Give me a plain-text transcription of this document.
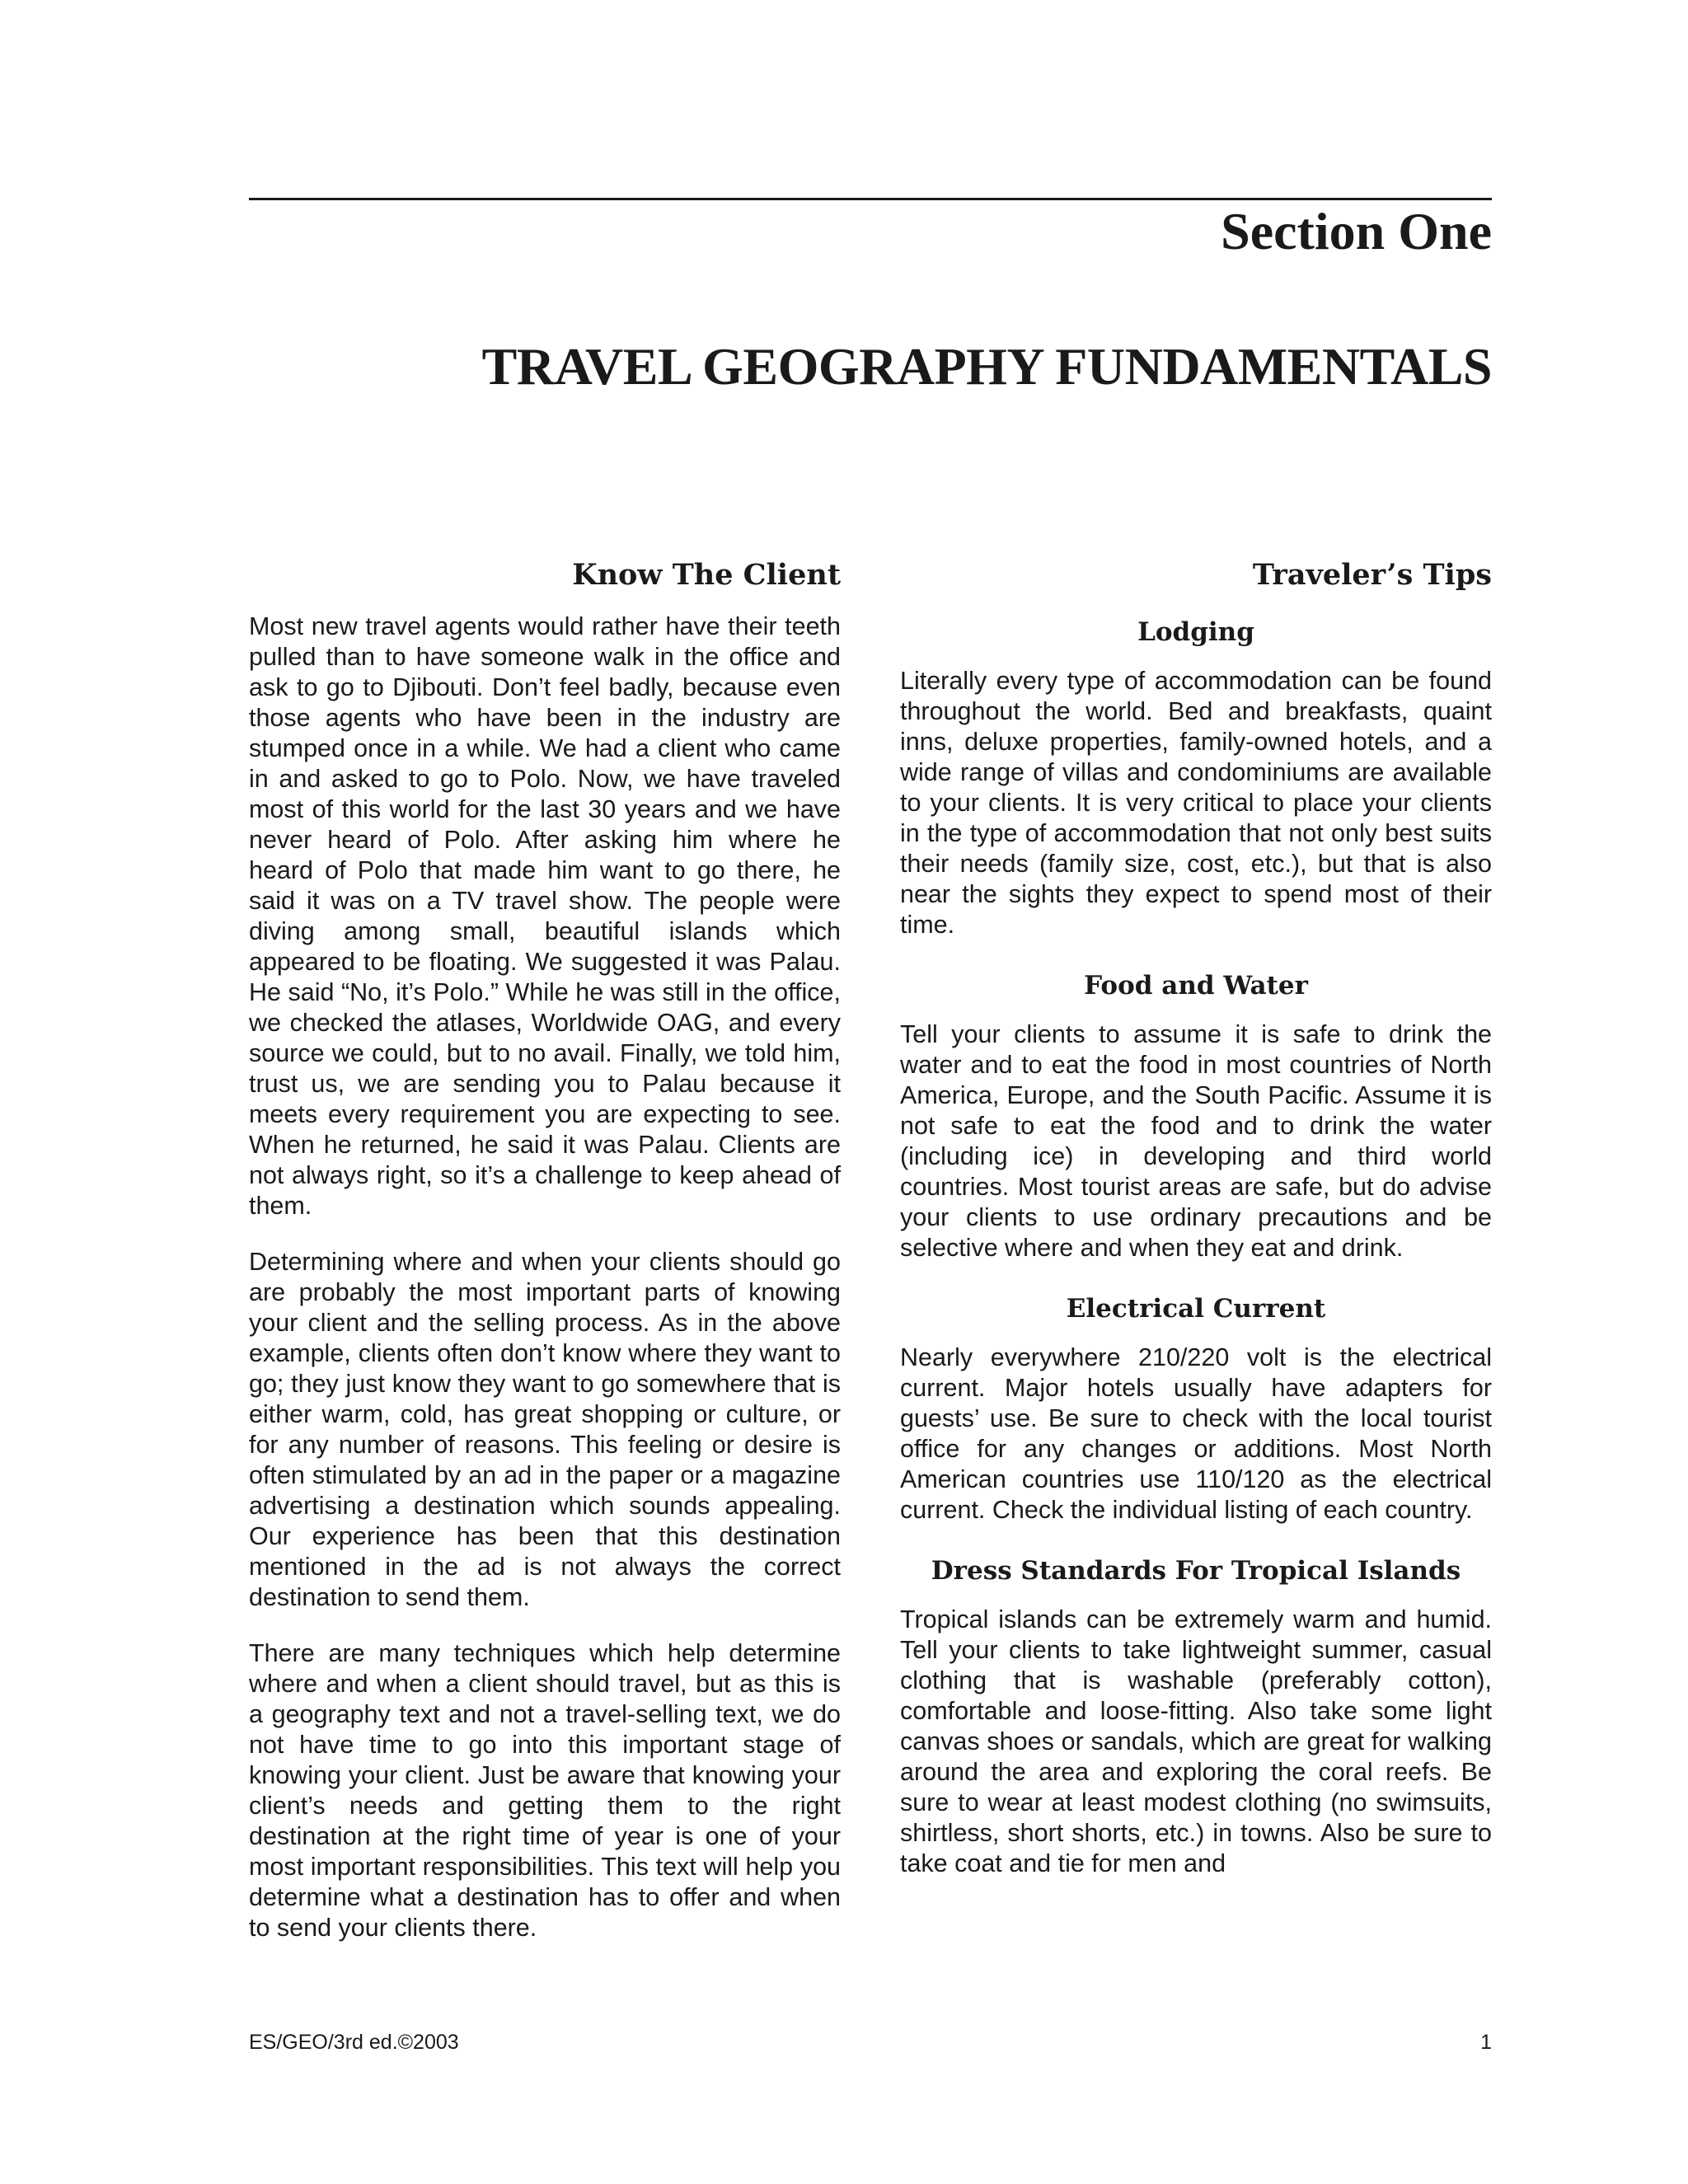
Section One
TRAVEL GEOGRAPHY FUNDAMENTALS
Know The Client

Most new travel agents would rather have their teeth pulled than to have someone walk in the office and ask to go to Djibouti. Don’t feel badly, because even those agents who have been in the industry are stumped once in a while. We had a client who came in and asked to go to Polo. Now, we have traveled most of this world for the last 30 years and we have never heard of Polo. After asking him where he heard of Polo that made him want to go there, he said it was on a TV travel show. The people were diving among small, beautiful islands which appeared to be floating. We suggested it was Palau. He said “No, it’s Polo.” While he was still in the office, we checked the atlases, Worldwide OAG, and every source we could, but to no avail. Finally, we told him, trust us, we are sending you to Palau because it meets every requirement you are expecting to see. When he returned, he said it was Palau. Clients are not always right, so it’s a challenge to keep ahead of them.

Determining where and when your clients should go are probably the most important parts of knowing your client and the selling process. As in the above example, clients often don’t know where they want to go; they just know they want to go somewhere that is either warm, cold, has great shopping or culture, or for any number of reasons. This feeling or desire is often stimulated by an ad in the paper or a magazine advertising a destination which sounds appealing. Our experience has been that this destination mentioned in the ad is not always the correct destination to send them.

There are many techniques which help determine where and when a client should travel, but as this is a geography text and not a travel-selling text, we do not have time to go into this important stage of knowing your client. Just be aware that knowing your client’s needs and getting them to the right destination at the right time of year is one of your most important responsibilities. This text will help you determine what a destination has to offer and when to send your clients there.

Traveler’s Tips
Lodging

Literally every type of accommodation can be found throughout the world. Bed and breakfasts, quaint inns, deluxe properties, family-owned hotels, and a wide range of villas and condominiums are available to your clients. It is very critical to place your clients in the type of accommodation that not only best suits their needs (family size, cost, etc.), but that is also near the sights they expect to spend most of their time.

Food and Water

Tell your clients to assume it is safe to drink the water and to eat the food in most countries of North America, Europe, and the South Pacific. Assume it is not safe to eat the food and to drink the water (including ice) in developing and third world countries. Most tourist areas are safe, but do advise your clients to use ordinary precautions and be selective where and when they eat and drink.

Electrical Current

Nearly everywhere 210/220 volt is the electrical current. Major hotels usually have adapters for guests’ use. Be sure to check with the local tourist office for any changes or additions. Most North American countries use 110/120 as the electrical current. Check the individual listing of each country.

Dress Standards For Tropical Islands

Tropical islands can be extremely warm and humid. Tell your clients to take lightweight summer, casual clothing that is washable (preferably cotton), comfortable and loose-fitting. Also take some light canvas shoes or sandals, which are great for walking around the area and exploring the coral reefs. Be sure to wear at least modest clothing (no swimsuits, shirtless, short shorts, etc.) in towns. Also be sure to take coat and tie for men and

ES/GEO/3rd ed.©2003	1
